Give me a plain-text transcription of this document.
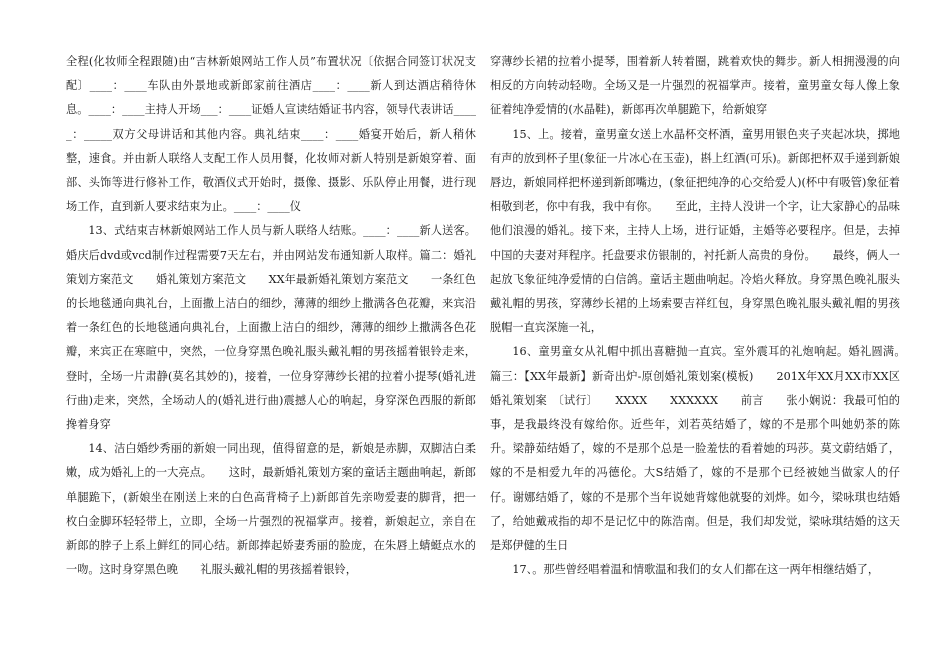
全程(化妆师全程跟随)由“吉林新娘网站工作人员”布置状况〔依据合同签订状况支配〕____：____车队由外景地或新郎家前往酒店____：____新人到达酒店稍待休息。____：____主持人开场___：____证婚人宣读结婚证书内容，领导代表讲话_____：_____双方父母讲话和其他内容。典礼结束____：____婚宴开始后，新人稍休整，速食。并由新人联络人支配工作人员用餐，化妆师对新人特别是新娘穿着、面部、头饰等进行修补工作，敬酒仪式开始时，摄像、摄影、乐队停止用餐，进行现场工作，直到新人要求结束为止。____：____仪

13、式结束吉林新娘网站工作人员与新人联络人结账。____：____新人送客。婚庆后dvd或vcd制作过程需要7天左右，并由网站发布通知新人取样。篇二：婚礼策划方案范文　　婚礼策划方案范文　　XX年最新婚礼策划方案范文　　一条红色的长地毯通向典礼台，上面撒上洁白的细纱，薄薄的细纱上撒满各色花瓣，来宾沿着一条红色的长地毯通向典礼台，上面撒上洁白的细纱，薄薄的细纱上撒满各色花瓣，来宾正在寒暄中，突然，一位身穿黑色晚礼服头戴礼帽的男孩摇着银铃走来，登时，全场一片肃静(莫名其妙的)，接着，一位身穿薄纱长裙的拉着小提琴(婚礼进行曲)走来，突然，全场动人的(婚礼进行曲)震撼人心的响起，身穿深色西服的新郎搀着身穿

14、洁白婚纱秀丽的新娘一同出现，值得留意的是，新娘是赤脚，双脚洁白柔嫩，成为婚礼上的一大亮点。　　这时，最新婚礼策划方案的童话主题曲响起，新郎单腿跪下，(新娘坐在刚送上来的白色高背椅子上)新郎首先亲吻爱妻的脚背，把一枚白金脚环轻轻带上，立即，全场一片强烈的祝福掌声。接着，新娘起立，亲自在新郎的脖子上系上鲜红的同心结。新郎捧起娇妻秀丽的脸庞，在朱唇上蜻蜓点水的一吻。这时身穿黑色晚　　礼服头戴礼帽的男孩摇着银铃，

穿薄纱长裙的拉着小提琴，围着新人转着圈，跳着欢快的舞步。新人相拥漫漫的向相反的方向转动轻吻。全场又是一片强烈的祝福掌声。接着，童男童女每人像上象征着纯净爱情的(水晶鞋)，新郎再次单腿跪下，给新娘穿

15、上。接着，童男童女送上水晶杯交杯酒，童男用银色夹子夹起冰块，掷地有声的放到杯子里(象征一片冰心在玉壶)，斟上红酒(可乐)。新郎把杯双手递到新娘唇边，新娘同样把杯递到新郎嘴边，(象征把纯净的心交给爱人)(杯中有吸管)象征着相敬到老，你中有我，我中有你。　　至此，主持人没讲一个字，让大家静心的品味他们浪漫的婚礼。接下来，主持人上场，进行证婚，主婚等必要程序。但是，去掉中国的夫妻对拜程序。托盘要求仿银制的，衬托新人高贵的身份。　　最终，俩人一起放飞象征纯净爱情的白信鸽。童话主题曲响起。冷焰火释放。身穿黑色晚礼服头戴礼帽的男孩，穿薄纱长裙的上场索要吉祥红包，身穿黑色晚礼服头戴礼帽的男孩脱帽一直宾深施一礼，

16、童男童女从礼帽中抓出喜糖抛一直宾。室外震耳的礼炮响起。婚礼圆满。　　篇三：【XX年最新】新奇出炉-原创婚礼策划案(模板)　　201X年XX月XX市XX区婚礼策划案　〔试行〕　　XXXX　　XXXXXX　　前言　　张小娴说：我最可怕的事，是我最终没有嫁给你。近些年，刘若英结婚了，嫁的不是那个叫她奶茶的陈升。梁静茹结婚了，嫁的不是那个总是一脸羞怯的看着她的玛莎。莫文蔚结婚了，嫁的不是相爱九年的冯德伦。大S结婚了，嫁的不是那个已经被她当做家人的仔仔。谢娜结婚了，嫁的不是那个当年说她背嫁他就娶的刘烨。如今，梁咏琪也结婚了，给她戴戒指的却不是记忆中的陈浩南。但是，我们却发觉，梁咏琪结婚的这天是郑伊健的生日

17、。那些曾经唱着温和情歌温和我们的女人们都在这一两年相继结婚了，
